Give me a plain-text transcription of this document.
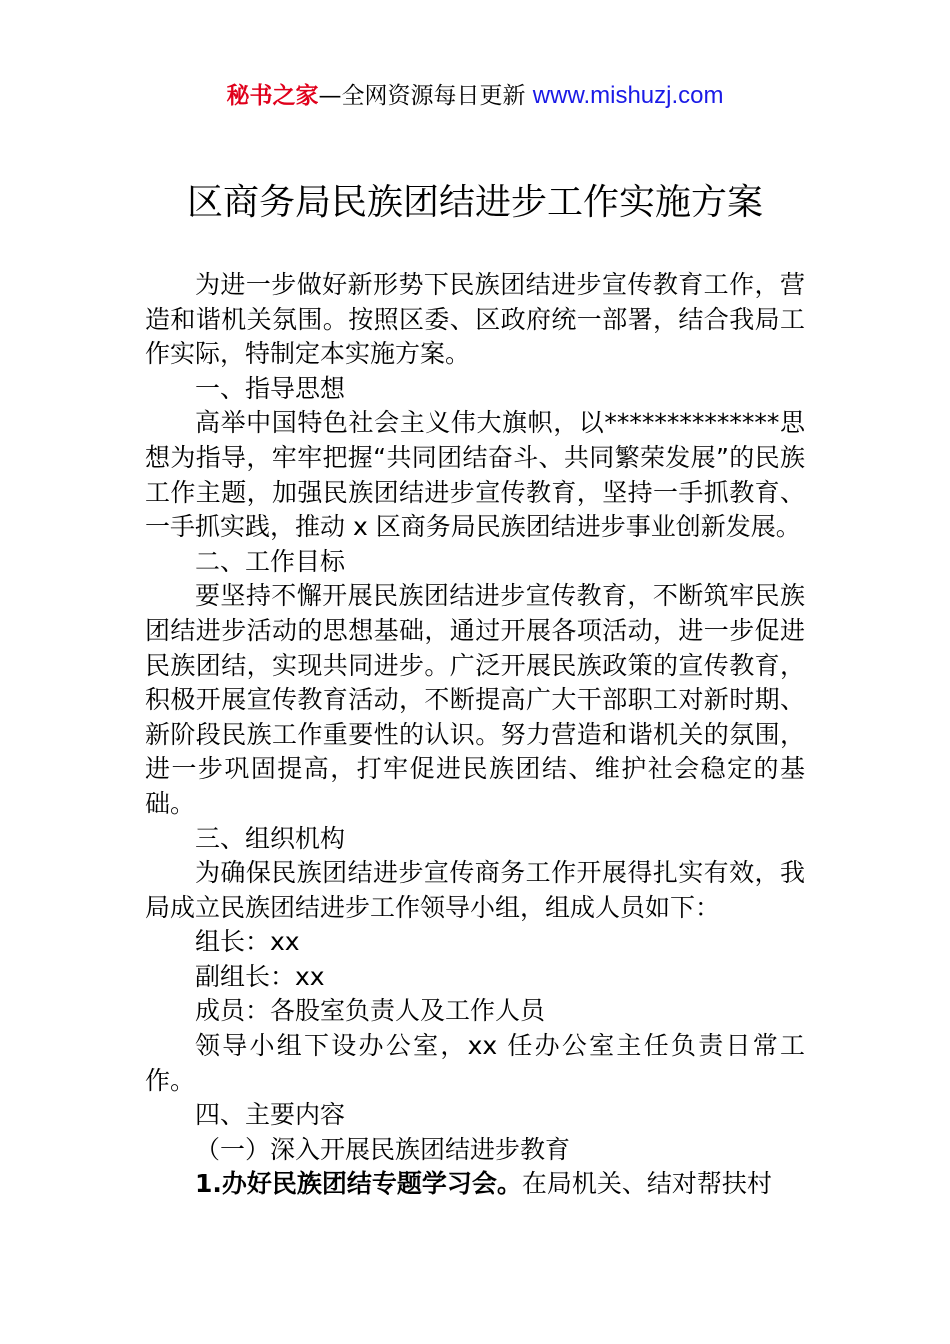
秘书之家—全网资源每日更新 www.mishuzj.com
区商务局民族团结进步工作实施方案

为进一步做好新形势下民族团结进步宣传教育工作，营造和谐机关氛围。按照区委、区政府统一部署，结合我局工作实际，特制定本实施方案。

一、指导思想

高举中国特色社会主义伟大旗帜，以**************思想为指导，牢牢把握“共同团结奋斗、共同繁荣发展”的民族工作主题，加强民族团结进步宣传教育，坚持一手抓教育、一手抓实践，推动 x 区商务局民族团结进步事业创新发展。

二、工作目标

要坚持不懈开展民族团结进步宣传教育，不断筑牢民族团结进步活动的思想基础，通过开展各项活动，进一步促进民族团结，实现共同进步。广泛开展民族政策的宣传教育，积极开展宣传教育活动，不断提高广大干部职工对新时期、新阶段民族工作重要性的认识。努力营造和谐机关的氛围，进一步巩固提高，打牢促进民族团结、维护社会稳定的基础。

三、组织机构

为确保民族团结进步宣传商务工作开展得扎实有效，我局成立民族团结进步工作领导小组，组成人员如下：

组长：xx

副组长：xx

成员：各股室负责人及工作人员

领导小组下设办公室，xx 任办公室主任负责日常工作。

四、主要内容

（一）深入开展民族团结进步教育

1.办好民族团结专题学习会。在局机关、结对帮扶村
